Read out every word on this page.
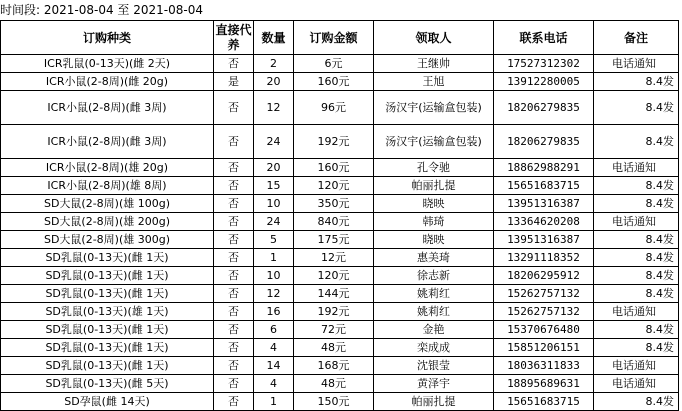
时间段: 2021-08-04 至 2021-08-04
订购种类	直接代养	数量	订购金额	领取人	联系电话	备注
ICR乳鼠(0-13天)(雌 2天)	否	2	6元	王继帅	17527312302	电话通知
ICR小鼠(2-8周)(雌 20g)	是	20	160元	王旭	13912280005	8.4发
ICR小鼠(2-8周)(雌 3周)	否	12	96元	汤汉宇(运输盒包装)	18206279835	8.4发
ICR小鼠(2-8周)(雌 3周)	否	24	192元	汤汉宇(运输盒包装)	18206279835	8.4发
ICR小鼠(2-8周)(雄 20g)	否	20	160元	孔令驰	18862988291	电话通知
ICR小鼠(2-8周)(雄 8周)	否	15	120元	帕丽扎提	15651683715	8.4发
SD大鼠(2-8周)(雄 100g)	否	10	350元	晓映	13951316387	8.4发
SD大鼠(2-8周)(雄 200g)	否	24	840元	韩琦	13364620208	电话通知
SD大鼠(2-8周)(雄 300g)	否	5	175元	晓映	13951316387	8.4发
SD乳鼠(0-13天)(雌 1天)	否	1	12元	惠美琦	13291118352	8.4发
SD乳鼠(0-13天)(雌 1天)	否	10	120元	徐志新	18206295912	8.4发
SD乳鼠(0-13天)(雌 1天)	否	12	144元	姚莉红	15262757132	8.4发
SD乳鼠(0-13天)(雄 1天)	否	16	192元	姚莉红	15262757132	电话通知
SD乳鼠(0-13天)(雌 1天)	否	6	72元	金艳	15370676480	8.4发
SD乳鼠(0-13天)(雌 1天)	否	4	48元	栾成成	15851206151	8.4发
SD乳鼠(0-13天)(雌 1天)	否	14	168元	沈银莹	18036311833	电话通知
SD乳鼠(0-13天)(雌 5天)	否	4	48元	黄泽宇	18895689631	电话通知
SD孕鼠(雌 14天)	否	1	150元	帕丽扎提	15651683715	8.4发
